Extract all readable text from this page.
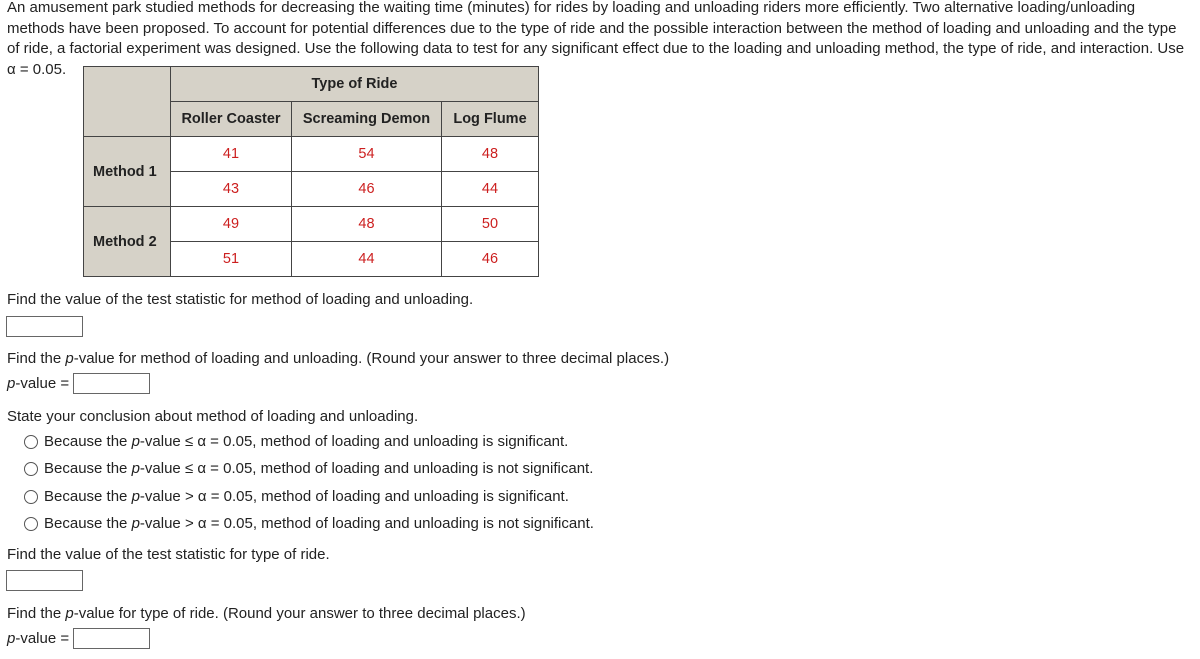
An amusement park studied methods for decreasing the waiting time (minutes) for rides by loading and unloading riders more efficiently. Two alternative loading/unloading methods have been proposed. To account for potential differences due to the type of ride and the possible interaction between the method of loading and unloading and the type of ride, a factorial experiment was designed. Use the following data to test for any significant effect due to the loading and unloading method, the type of ride, and interaction. Use α = 0.05.
	Type of Ride		
	Roller Coaster	Screaming Demon	Log Flume
Method 1	41	54	48
	43	46	44
Method 2	49	48	50
	51	44	46
Find the value of the test statistic for method of loading and unloading.
Find the p-value for method of loading and unloading. (Round your answer to three decimal places.)
p-value =
State your conclusion about method of loading and unloading.
Because the
p -value ≤ α = 0.05, method of loading and unloading is significant.
Because the
p -value ≤ α = 0.05, method of loading and unloading is not significant.
Because the
p -value > α = 0.05, method of loading and unloading is significant.
Because the
p -value > α = 0.05, method of loading and unloading is not significant.
Find the value of the test statistic for type of ride.
Find the p-value for type of ride. (Round your answer to three decimal places.)
p-value =
